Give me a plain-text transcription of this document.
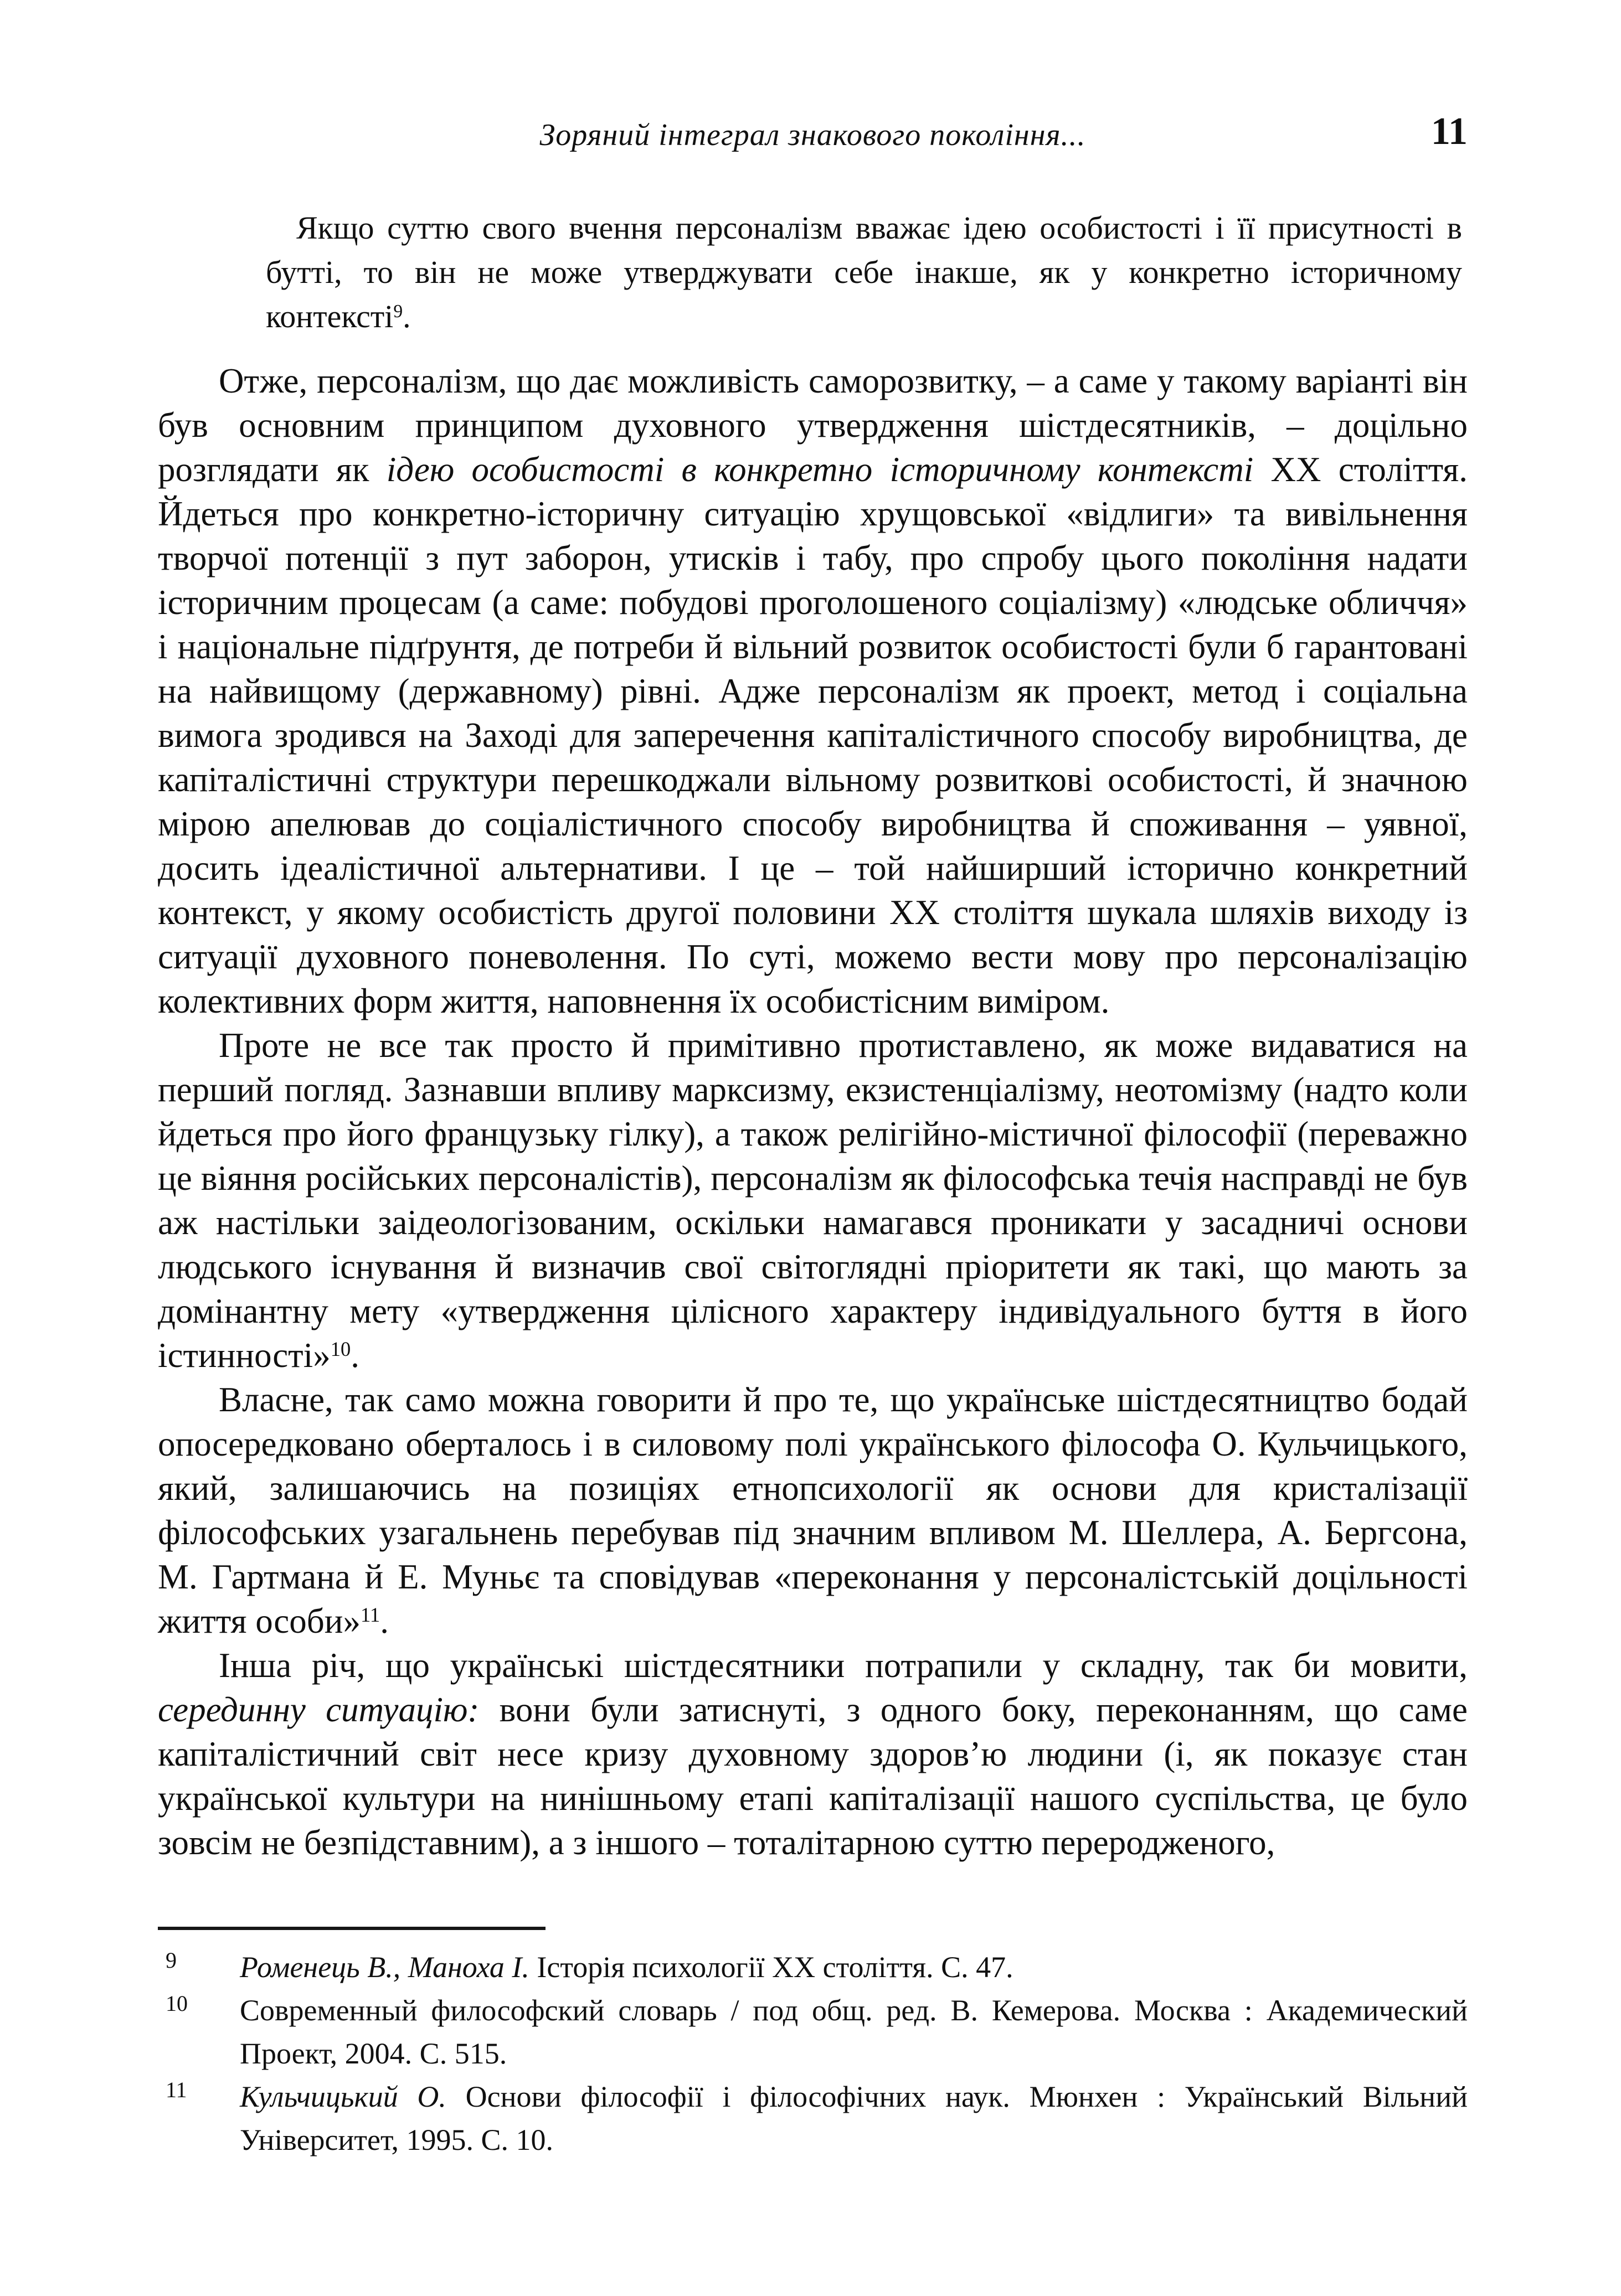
Зоряний інтеграл знакового покоління...	11
Якщо суттю свого вчення персоналізм вважає ідею особистості і її присутності в бутті, то він не може утверджувати себе інакше, як у конкретно історичному контексті$^9$.

Отже, персоналізм, що дає можливість саморозвитку, – а саме у такому варіанті він був основним принципом духовного утвердження шістдесятників, – доцільно розглядати як ідею особистості в конкретно історичному контексті ХХ століття. Йдеться про конкретно-історичну ситуацію хрущовської «відлиги» та вивільнення творчої потенції з пут заборон, утисків і табу, про спробу цього покоління надати історичним процесам (а саме: побудові проголошеного соціалізму) «людське обличчя» і національне підґрунтя, де потреби й вільний розвиток особистості були б гарантовані на найвищому (державному) рівні. Адже персоналізм як проект, метод і соціальна вимога зродився на Заході для заперечення капіталістичного способу виробництва, де капіталістичні структури перешкоджали вільному розвиткові особистості, й значною мірою апелював до соціалістичного способу виробництва й споживання – уявної, досить ідеалістичної альтернативи. І це – той найширший історично конкретний контекст, у якому особистість другої половини ХХ століття шукала шляхів виходу із ситуації духовного поневолення. По суті, можемо вести мову про персоналізацію колективних форм життя, наповнення їх особистісним виміром.

Проте не все так просто й примітивно протиставлено, як може видаватися на перший погляд. Зазнавши впливу марксизму, екзистенціалізму, неотомізму (надто коли йдеться про його французьку гілку), а також релігійно-містичної філософії (переважно це віяння російських персоналістів), персоналізм як філософська течія насправді не був аж настільки заідеологізованим, оскільки намагався проникати у засадничі основи людського існування й визначив свої світоглядні пріоритети як такі, що мають за домінантну мету «утвердження цілісного характеру індивідуального буття в його істинності»$^{10}$.

Власне, так само можна говорити й про те, що українське шістдесятництво бодай опосередковано оберталось і в силовому полі українського філософа О. Кульчицького, який, залишаючись на позиціях етнопсихології як основи для кристалізації філософських узагальнень перебував під значним впливом М. Шеллера, А. Бергсона, М. Гартмана й Е. Муньє та сповідував «переконання у персоналістській доцільності життя особи»$^{11}$.

Інша річ, що українські шістдесятники потрапили у складну, так би мовити, серединну ситуацію: вони були затиснуті, з одного боку, переконанням, що саме капіталістичний світ несе кризу духовному здоров’ю людини (і, як показує стан української культури на нинішньому етапі капіталізації нашого суспільства, це було зовсім не безпідставним), а з іншого – тоталітарною суттю переродженого,

9 Роменець В., Маноха І. Історія психології ХХ століття. С. 47.
10 Современный философский словарь / под общ. ред. В. Кемерова. Москва : Академический Проект, 2004. С. 515.
11 Кульчицький О. Основи філософії і філософічних наук. Мюнхен : Український Вільний Університет, 1995. С. 10.
